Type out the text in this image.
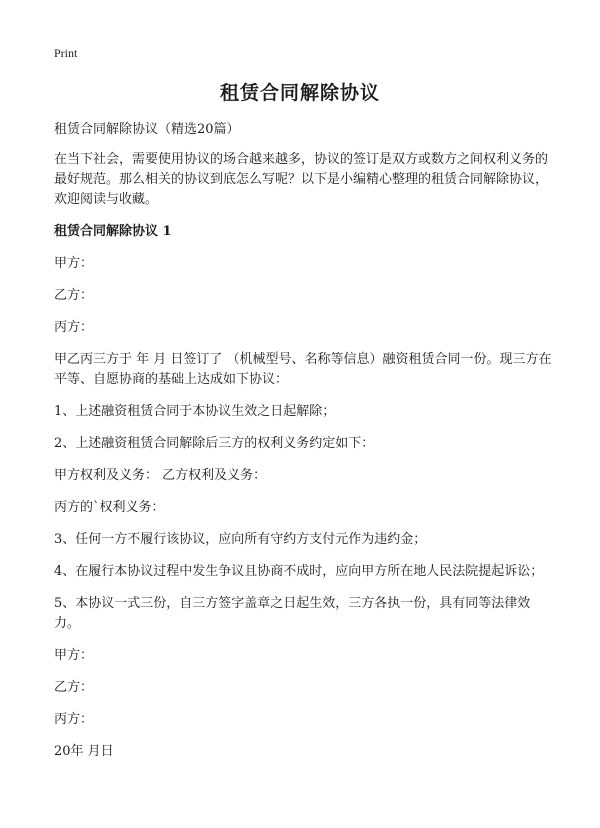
Print
租赁合同解除协议

租赁合同解除协议（精选20篇）

在当下社会，需要使用协议的场合越来越多，协议的签订是双方或数方之间权利义务的最好规范。那么相关的协议到底怎么写呢？以下是小编精心整理的租赁合同解除协议，欢迎阅读与收藏。

租赁合同解除协议 1

甲方：

乙方：

丙方：

甲乙丙三方于 年 月 日签订了 （机械型号、名称等信息）融资租赁合同一份。现三方在平等、自愿协商的基础上达成如下协议：

1、上述融资租赁合同于本协议生效之日起解除；

2、上述融资租赁合同解除后三方的权利义务约定如下：

甲方权利及义务： 乙方权利及义务：

丙方的`权利义务：

3、任何一方不履行该协议，应向所有守约方支付元作为违约金；

4、在履行本协议过程中发生争议且协商不成时，应向甲方所在地人民法院提起诉讼；

5、本协议一式三份，自三方签字盖章之日起生效，三方各执一份，具有同等法律效力。

甲方：

乙方：

丙方：

20年 月日
